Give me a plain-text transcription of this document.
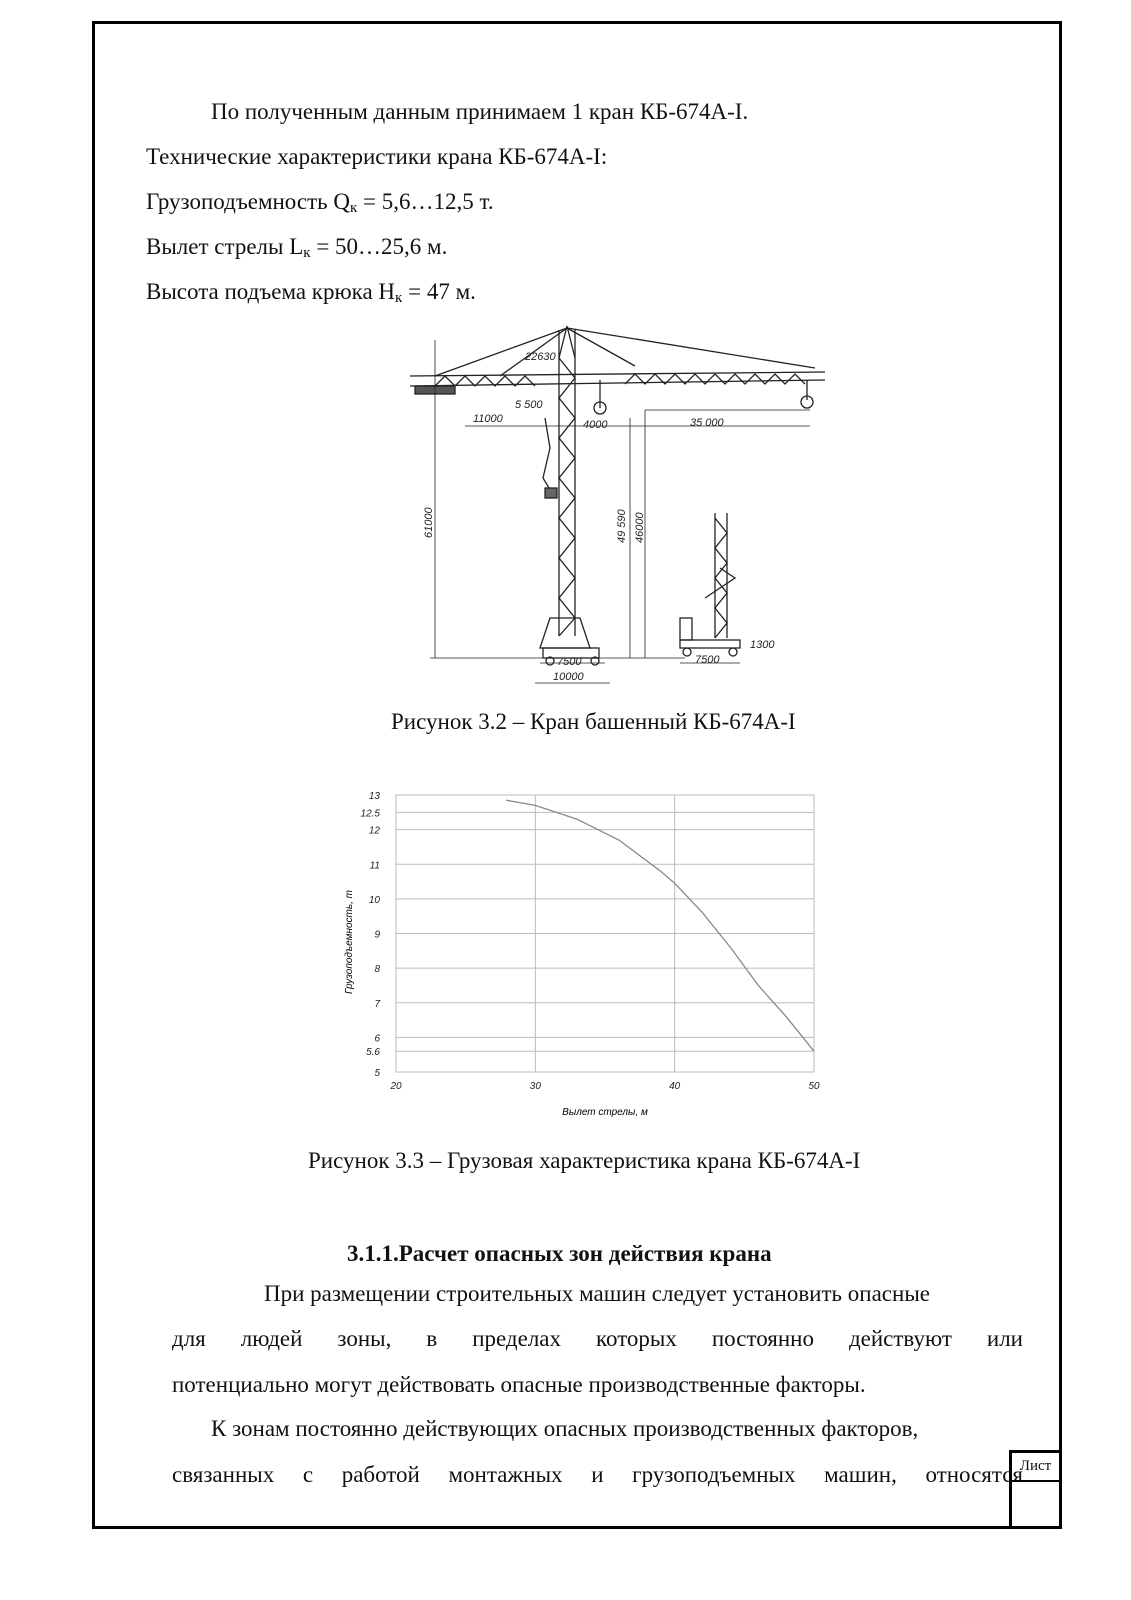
По полученным данным принимаем 1 кран КБ-674А-I.
Технические характеристики крана КБ-674А-I:
Грузоподъемность $Q_к$ = 5,6…12,5 т.
Вылет стрелы $L_к$ = 50…25,6 м.
Высота подъема крюка $H_к = 47$ м.
22630
5 500
11000	4000	35 000
61000	49 590 46000
1300
7500
10000
7500
Рисунок 3.2 – Кран башенный КБ-674А-I
5
5.6
6
7
8
9
10
11
12
12.5
13
20	30	40	50
Вылет стрелы, м
Грузоподъемность, т
Рисунок 3.3 – Грузовая характеристика крана КБ-674А-I
3.1.1.Расчет опасных зон действия крана
При размещении строительных машин следует установить опасные
для людей зоны, в пределах которых постоянно действуют или
потенциально могут действовать опасные производственные факторы.
К зонам постоянно действующих опасных производственных факторов,
связанных с работой монтажных и грузоподъемных машин, относятся
Лист
